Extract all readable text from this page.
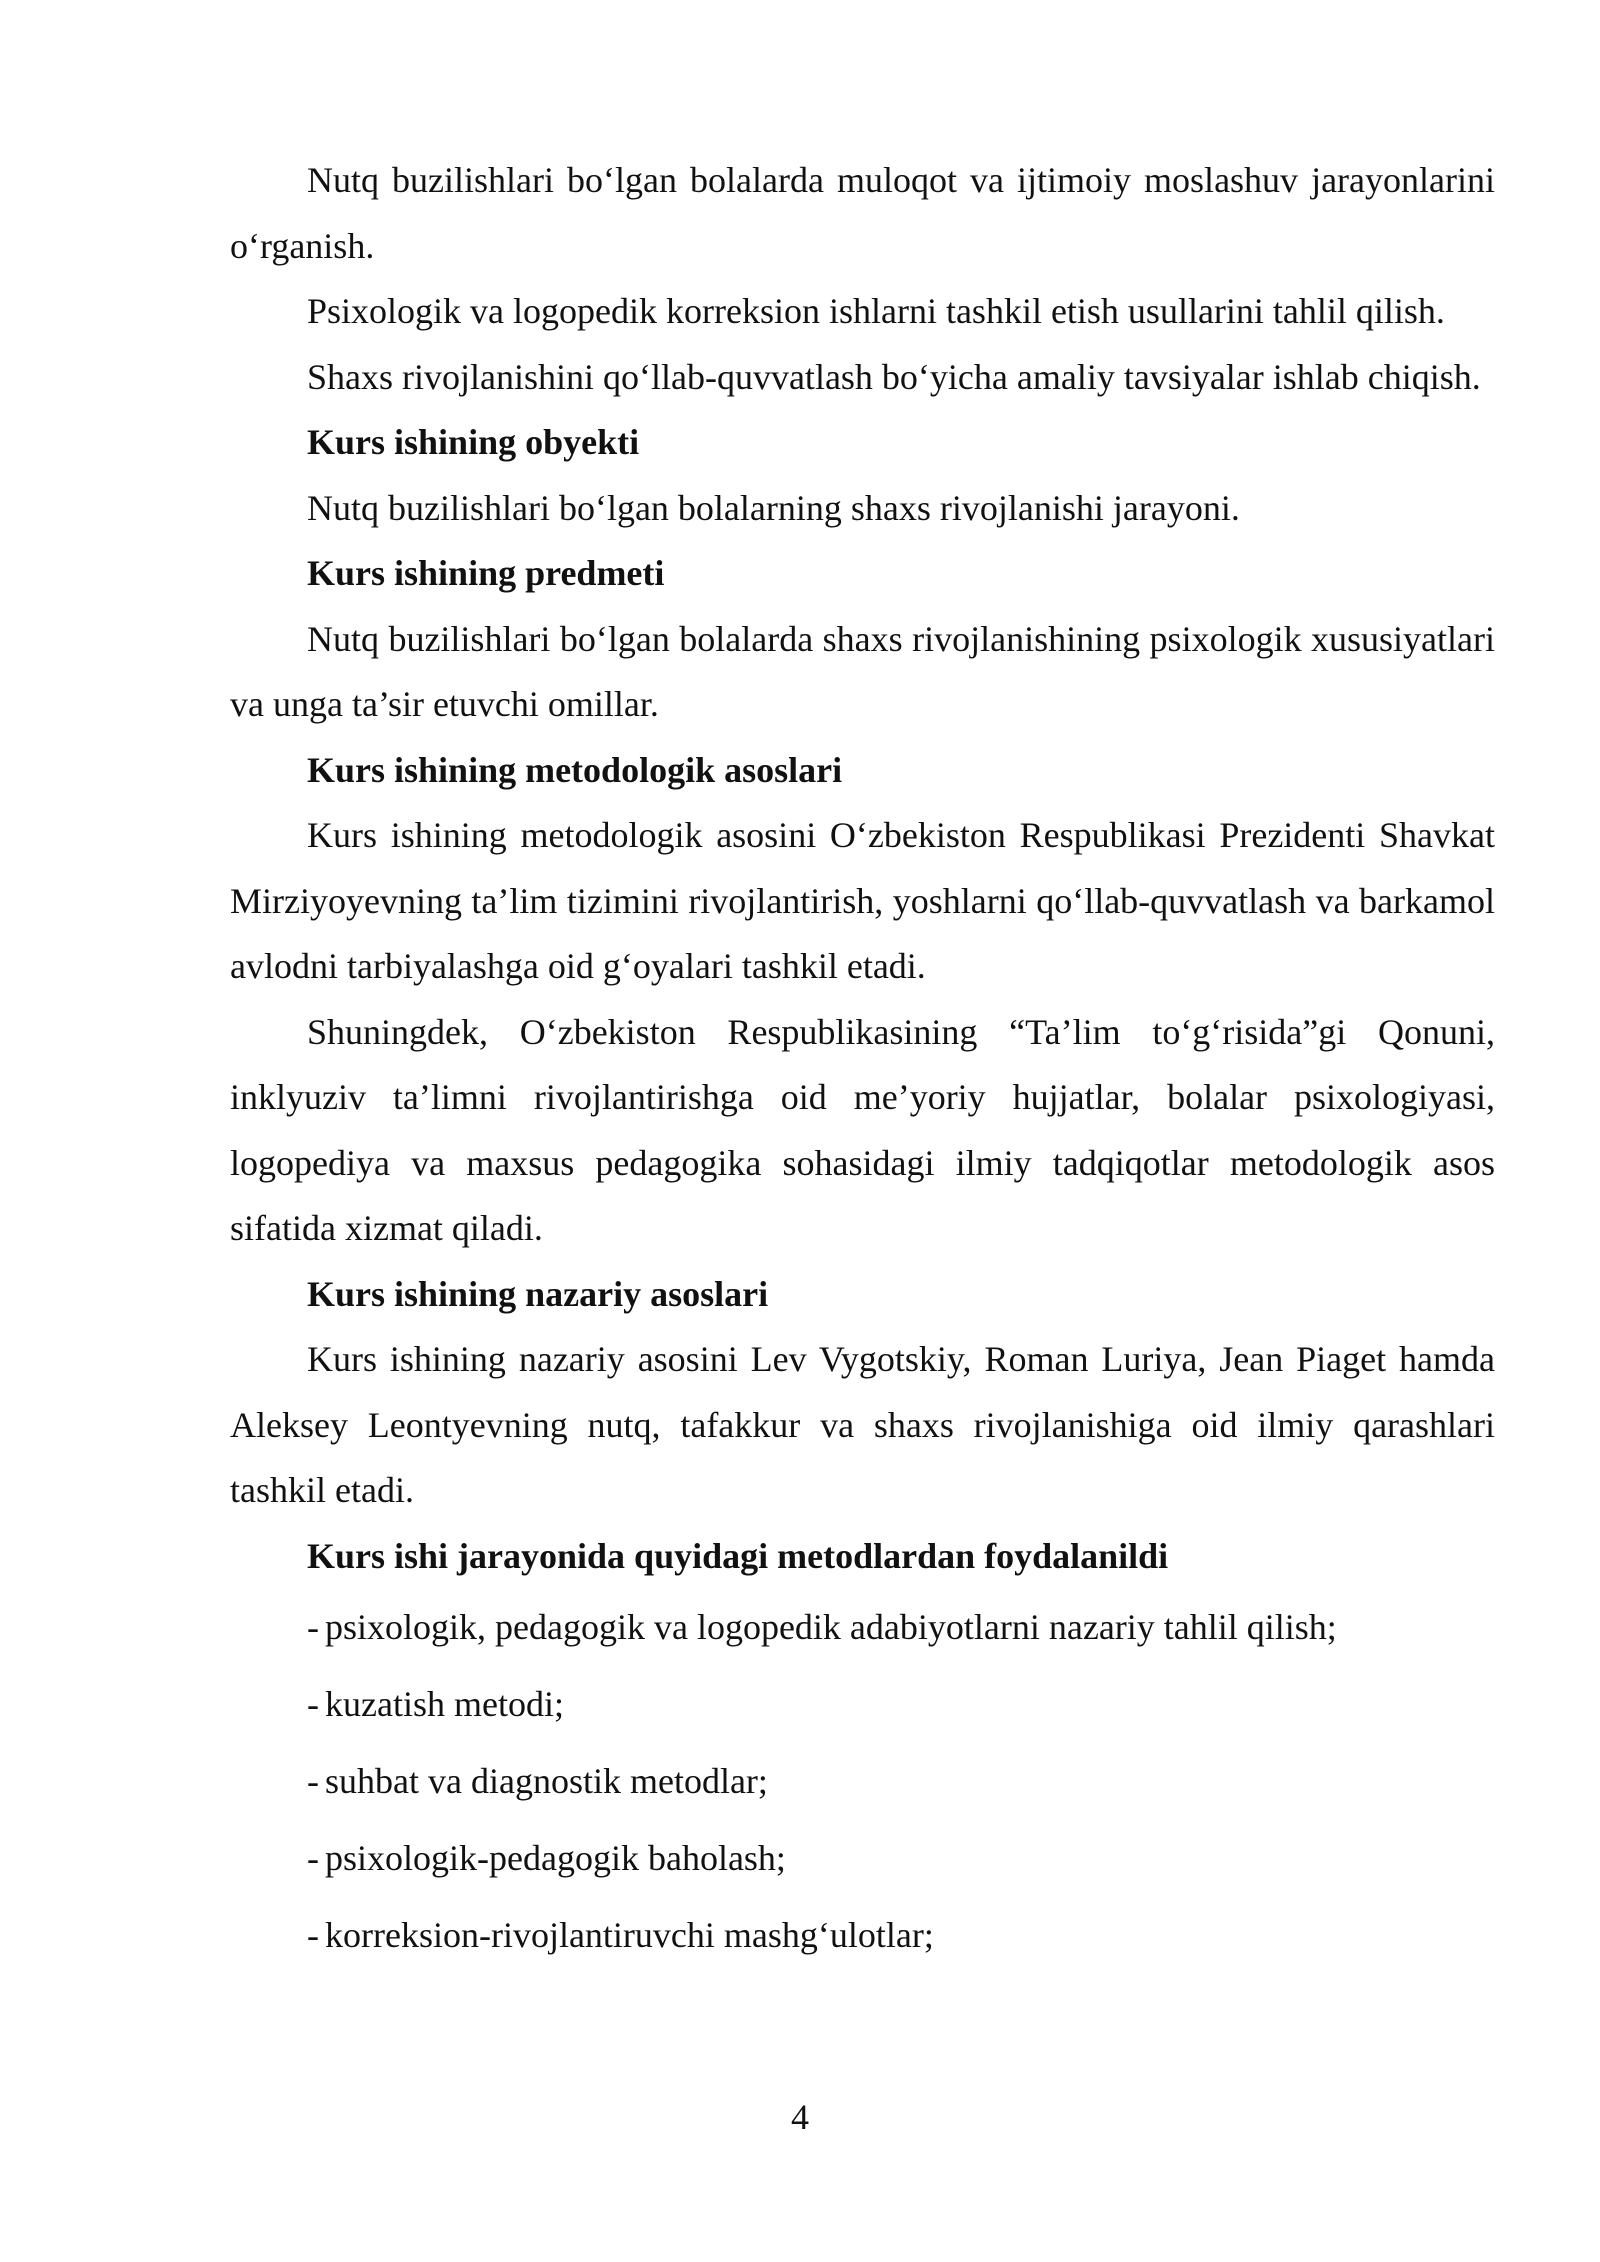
Nutq buzilishlari bo‘lgan bolalarda muloqot va ijtimoiy moslashuv jarayonlarini o‘rganish.

Psixologik va logopedik korreksion ishlarni tashkil etish usullarini tahlil qilish.

Shaxs rivojlanishini qo‘llab-quvvatlash bo‘yicha amaliy tavsiyalar ishlab chiqish.

Kurs ishining obyekti

Nutq buzilishlari bo‘lgan bolalarning shaxs rivojlanishi jarayoni.

Kurs ishining predmeti

Nutq buzilishlari bo‘lgan bolalarda shaxs rivojlanishining psixologik xususiyatlari va unga ta’sir etuvchi omillar.

Kurs ishining metodologik asoslari

Kurs ishining metodologik asosini O‘zbekiston Respublikasi Prezidenti Shavkat Mirziyoyevning ta’lim tizimini rivojlantirish, yoshlarni qo‘llab-quvvatlash va barkamol avlodni tarbiyalashga oid g‘oyalari tashkil etadi.

Shuningdek, O‘zbekiston Respublikasining “Ta’lim to‘g‘risida”gi Qonuni, inklyuziv ta’limni rivojlantirishga oid me’yoriy hujjatlar, bolalar psixologiyasi, logopediya va maxsus pedagogika sohasidagi ilmiy tadqiqotlar metodologik asos sifatida xizmat qiladi.

Kurs ishining nazariy asoslari

Kurs ishining nazariy asosini Lev Vygotskiy, Roman Luriya, Jean Piaget hamda Aleksey Leontyevning nutq, tafakkur va shaxs rivojlanishiga oid ilmiy qarashlari tashkil etadi.

Kurs ishi jarayonida quyidagi metodlardan foydalanildi

- psixologik, pedagogik va logopedik adabiyotlarni nazariy tahlil qilish;
- kuzatish metodi;
- suhbat va diagnostik metodlar;
- psixologik-pedagogik baholash;
- korreksion-rivojlantiruvchi mashg‘ulotlar;
4
